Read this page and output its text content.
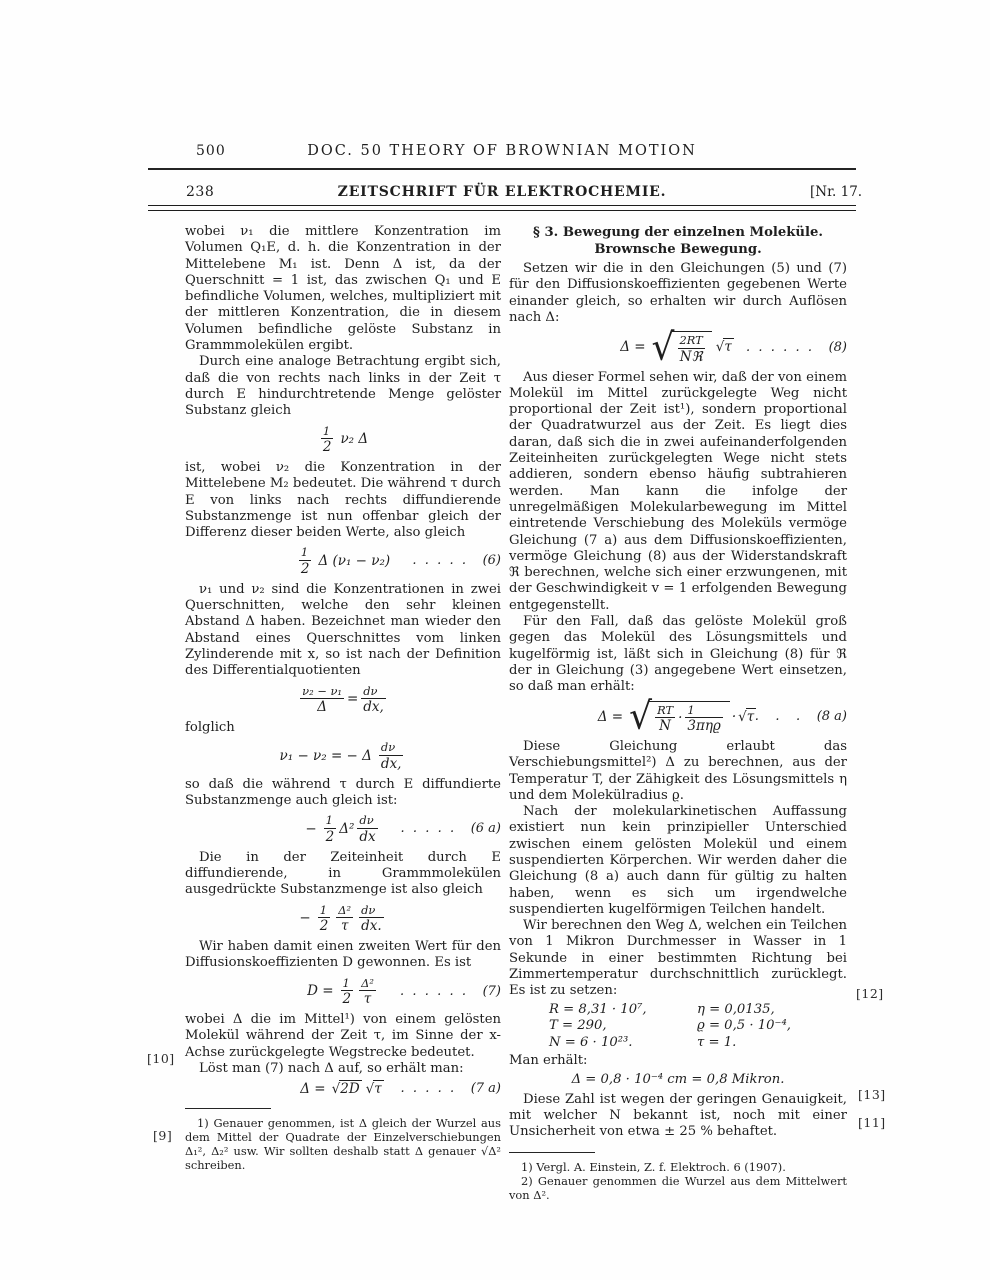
500	DOC. 50 THEORY OF BROWNIAN MOTION
238	ZEITSCHRIFT FÜR ELEKTROCHEMIE.	[Nr. 17.

wobei ν₁ die mittlere Konzentration im Volumen Q₁E, d. h. die Konzentration in der Mittelebene M₁ ist. Denn Δ ist, da der Querschnitt = 1 ist, das zwischen Q₁ und E befindliche Volumen, welches, multipliziert mit der mittleren Konzentration, die in diesem Volumen befindliche gelöste Substanz in Grammmolekülen ergibt.

Durch eine analoge Betrachtung ergibt sich, daß die von rechts nach links in der Zeit τ durch E hindurchtretende Menge gelöster Substanz gleich

$\frac{1}{2} \nu_2$ Δ

ist, wobei ν₂ die Konzentration in der Mittelebene M₂ bedeutet. Die während τ durch E von links nach rechts diffundierende Substanzmenge ist nun offenbar gleich der Differenz dieser beiden Werte, also gleich

$\frac{1}{2}$ Δ (ν₁ − ν₂) .  .  .  .  .    (6)

ν₁ und ν₂ sind die Konzentrationen in zwei Querschnitten, welche den sehr kleinen Abstand Δ haben. Bezeichnet man wieder den Abstand eines Querschnittes vom linken Zylinderende mit x, so ist nach der Definition des Differentialquotienten

$\frac{\text{ν₂ − ν₁}}{\Delta} = \frac{d\nu}{dx,}$

folglich

ν₁ − ν₂ = − Δ $\frac{d\nu}{dx,}$

so daß die während τ durch E diffundierte Substanzmenge auch gleich ist:

− $\frac{1}{2} \Delta^2 \frac{d\nu}{dx}$ .  .  .  .  .    (6 a)

Die in der Zeiteinheit durch E diffundierende, in Grammmolekülen ausgedrückte Substanzmenge ist also gleich

− $\frac{1}{2} \frac{\text{Δ²}}{\tau} \frac{d\nu}{dx.}$

Wir haben damit einen zweiten Wert für den Diffusionskoeffizienten D gewonnen. Es ist

$D = \frac{1}{2} \frac{\text{Δ²}}{\tau}$ .  .  .  .  .  .    (7)

wobei Δ die im Mittel¹) von einem gelösten Molekül während der Zeit τ, im Sinne der x-Achse zurückgelegte Wegstrecke bedeutet.

Löst man (7) nach Δ auf, so erhält man:

Δ = √2D √τ .  .  .  .  .    (7 a)

1) Genauer genommen, ist Δ gleich der Wurzel aus dem Mittel der Quadrate der Einzelverschiebungen Δ₁², Δ₂² usw. Wir sollten deshalb statt Δ genauer √Δ² schreiben.

§ 3. Bewegung der einzelnen Moleküle.
Brownsche Bewegung.

Setzen wir die in den Gleichungen (5) und (7) für den Diffusionskoeffizienten gegebenen Werte einander gleich, so erhalten wir durch Auflösen nach Δ:

Δ = √ $\frac{2RT}{\text{Nℜ}} √\tau$ .  .  .  .  .  .    (8)

Aus dieser Formel sehen wir, daß der von einem Molekül im Mittel zurückgelegte Weg nicht proportional der Zeit ist¹), sondern proportional der Quadratwurzel aus der Zeit. Es liegt dies daran, daß sich die in zwei aufeinanderfolgenden Zeiteinheiten zurückgelegten Wege nicht stets addieren, sondern ebenso häufig subtrahieren werden. Man kann die infolge der unregelmäßigen Molekularbewegung im Mittel eintretende Verschiebung des Moleküls vermöge Gleichung (7 a) aus dem Diffusionskoeffizienten, vermöge Gleichung (8) aus der Widerstandskraft ℜ berechnen, welche sich einer erzwungenen, mit der Geschwindigkeit v = 1 erfolgenden Bewegung entgegenstellt.

Für den Fall, daß das gelöste Molekül groß gegen das Molekül des Lösungsmittels und kugelförmig ist, läßt sich in Gleichung (8) für ℜ der in Gleichung (3) angegebene Wert einsetzen, so daß man erhält:

Δ = √ $\frac{RT}{N} \cdot \frac{1}{\text{3πηϱ}} \cdot √\tau$ .    .    .    (8 a)

Diese Gleichung erlaubt das Verschiebungsmittel²) Δ zu berechnen, aus der Temperatur T, der Zähigkeit des Lösungsmittels η und dem Molekülradius ϱ.

Nach der molekularkinetischen Auffassung existiert nun kein prinzipieller Unterschied zwischen einem gelösten Molekül und einem suspendierten Körperchen. Wir werden daher die Gleichung (8 a) auch dann für gültig zu halten haben, wenn es sich um irgendwelche suspendierten kugelförmigen Teilchen handelt.

Wir berechnen den Weg Δ, welchen ein Teilchen von 1 Mikron Durchmesser in Wasser in 1 Sekunde in einer bestimmten Richtung bei Zimmertemperatur durchschnittlich zurücklegt. Es ist zu setzen:

R = 8,31 · 10⁷,	η = 0,0135,
T = 290,	ϱ = 0,5 · 10⁻⁴,
N = 6 · 10²³.	τ = 1.

Man erhält:

Δ = 0,8 · 10⁻⁴ cm = 0,8 Mikron.

Diese Zahl ist wegen der geringen Genauigkeit, mit welcher N bekannt ist, noch mit einer Unsicherheit von etwa ± 25 % behaftet.

1) Vergl. A. Einstein, Z. f. Elektroch. 6 (1907).

2) Genauer genommen die Wurzel aus dem Mittelwert von Δ².

[10]
[9]
[12]
[13]
[11]
